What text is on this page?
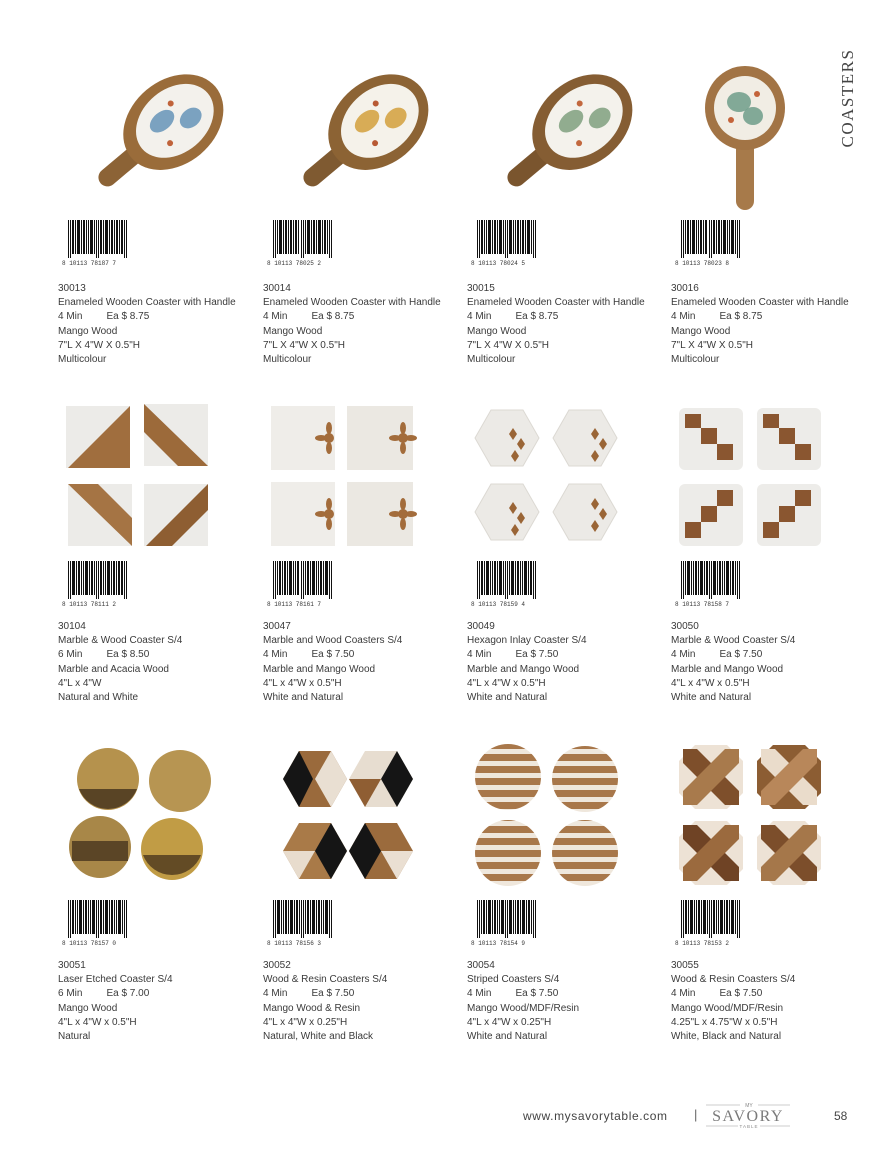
COASTERS
8 10113 78187 7
30013
Enameled Wooden Coaster with Handle
4 Min Ea $ 8.75
Mango Wood
7"L X 4"W X 0.5"H
Multicolour
8 10113 78025 2
30014
Enameled Wooden Coaster with Handle
4 Min Ea $ 8.75
Mango Wood
7"L X 4"W X 0.5"H
Multicolour
8 10113 78024 5
30015
Enameled Wooden Coaster with Handle
4 Min Ea $ 8.75
Mango Wood
7"L X 4"W X 0.5"H
Multicolour
8 10113 78023 8
30016
Enameled Wooden Coaster with Handle
4 Min Ea $ 8.75
Mango Wood
7"L X 4"W X 0.5"H
Multicolour
8 10113 78111 2
30104
Marble & Wood Coaster S/4
6 Min Ea $ 8.50
Marble and Acacia Wood
4"L x 4"W
Natural and White
8 10113 78161 7
30047
Marble and Wood Coasters S/4
4 Min Ea $ 7.50
Marble and Mango Wood
4"L x 4"W x 0.5"H
White and Natural
8 10113 78159 4
30049
Hexagon Inlay Coaster S/4
4 Min Ea $ 7.50
Marble and Mango Wood
4"L x 4"W x 0.5"H
White and Natural
8 10113 78158 7
30050
Marble & Wood Coaster S/4
4 Min Ea $ 7.50
Marble and Mango Wood
4"L x 4"W x 0.5"H
White and Natural
8 10113 78157 0
30051
Laser Etched Coaster S/4
6 Min Ea $ 7.00
Mango Wood
4"L x 4"W x 0.5"H
Natural
8 10113 78156 3
30052
Wood & Resin Coasters S/4
4 Min Ea $ 7.50
Mango Wood & Resin
4"L x 4"W x 0.25"H
Natural, White and Black
8 10113 78154 9
30054
Striped Coasters S/4
4 Min Ea $ 7.50
Mango Wood/MDF/Resin
4"L x 4"W x 0.25"H
White and Natural
8 10113 78153 2
30055
Wood & Resin Coasters S/4
4 Min Ea $ 7.50
Mango Wood/MDF/Resin
4.25"L x 4.75"W x 0.5"H
White, Black and Natural
www.mysavorytable.com |
MY
SAVORY
TABLE
58
